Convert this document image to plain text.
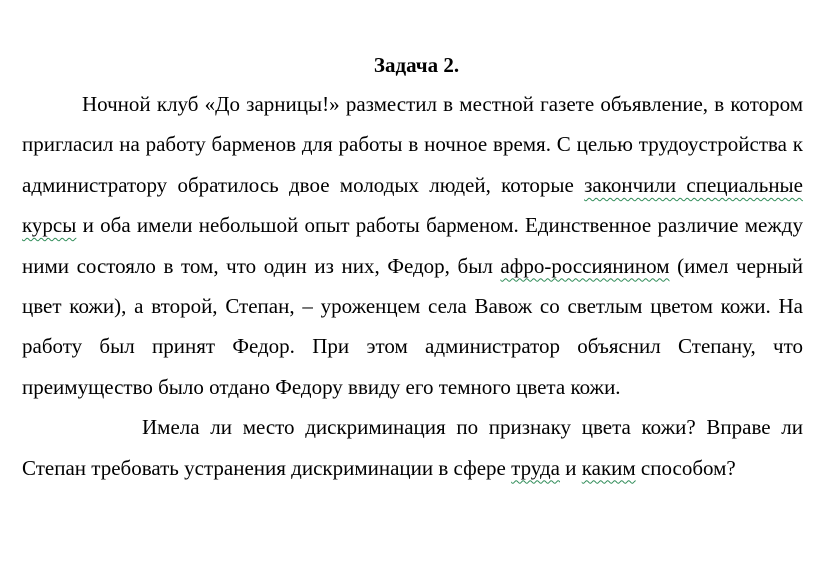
Задача 2.

Ночной клуб «До зарницы!» разместил в местной газете объявление, в котором пригласил на работу барменов для работы в ночное время. С целью трудоустройства к администратору обратилось двое молодых людей, которые закончили специальные курсы и оба имели небольшой опыт работы барменом. Единственное различие между ними состояло в том, что один из них, Федор, был афро-россиянином (имел черный цвет кожи), а второй, Степан, – уроженцем села Вавож со светлым цветом кожи. На работу был принят Федор. При этом администратор объяснил Степану, что преимущество было отдано Федору ввиду его темного цвета кожи.

Имела ли место дискриминация по признаку цвета кожи? Вправе ли Степан требовать устранения дискриминации в сфере труда и каким способом?
